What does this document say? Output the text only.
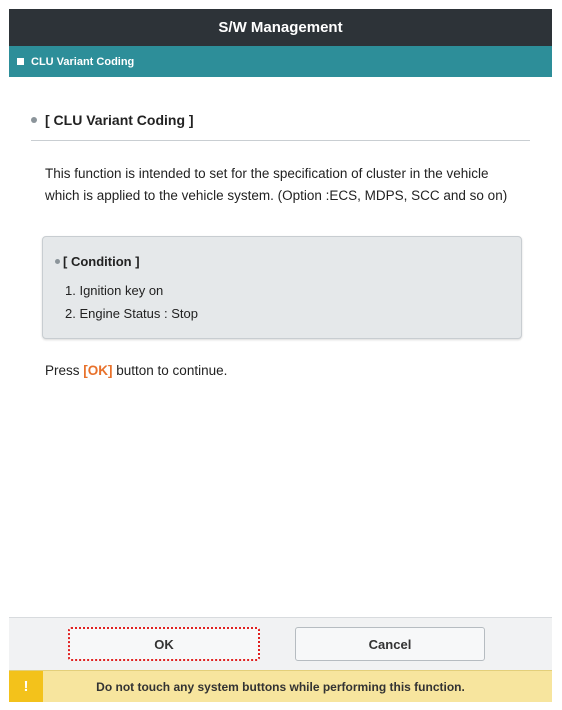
S/W Management
CLU Variant Coding
[ CLU Variant Coding ]
This function is intended to set for the specification of cluster in the vehicle
which is applied to the vehicle system. (Option :ECS, MDPS, SCC and so on)
[ Condition ]
1. Ignition key on
2. Engine Status : Stop
Press [OK] button to continue.
OK	Cancel
!	Do not touch any system buttons while performing this function.
